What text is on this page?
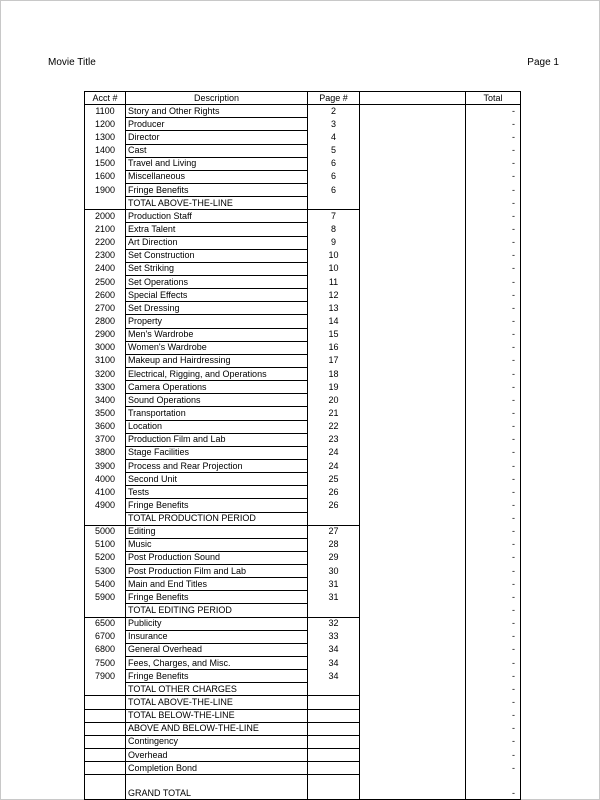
Movie Title	Page 1
Acct #	Description	Page #		Total
1100	Story and Other Rights	2		-
1200	Producer	3		-
1300	Director	4		-
1400	Cast	5		-
1500	Travel and Living	6		-
1600	Miscellaneous	6		-
1900	Fringe Benefits	6		-
	TOTAL ABOVE-THE-LINE			-
2000	Production Staff	7		-
2100	Extra Talent	8		-
2200	Art Direction	9		-
2300	Set Construction	10		-
2400	Set Striking	10		-
2500	Set Operations	11		-
2600	Special Effects	12		-
2700	Set Dressing	13		-
2800	Property	14		-
2900	Men's Wardrobe	15		-
3000	Women's Wardrobe	16		-
3100	Makeup and Hairdressing	17		-
3200	Electrical, Rigging, and Operations	18		-
3300	Camera Operations	19		-
3400	Sound Operations	20		-
3500	Transportation	21		-
3600	Location	22		-
3700	Production Film and Lab	23		-
3800	Stage Facilities	24		-
3900	Process and Rear Projection	24		-
4000	Second Unit	25		-
4100	Tests	26		-
4900	Fringe Benefits	26		-
	TOTAL PRODUCTION PERIOD			-
5000	Editing	27		-
5100	Music	28		-
5200	Post Production Sound	29		-
5300	Post Production Film and Lab	30		-
5400	Main and End Titles	31		-
5900	Fringe Benefits	31		-
	TOTAL EDITING PERIOD			-
6500	Publicity	32		-
6700	Insurance	33		-
6800	General Overhead	34		-
7500	Fees, Charges, and Misc.	34		-
7900	Fringe Benefits	34		-
	TOTAL OTHER CHARGES			-
	TOTAL ABOVE-THE-LINE			-
	TOTAL BELOW-THE-LINE			-
	ABOVE AND BELOW-THE-LINE			-
	Contingency			-
	Overhead			-
	Completion Bond			-

	GRAND TOTAL			-
